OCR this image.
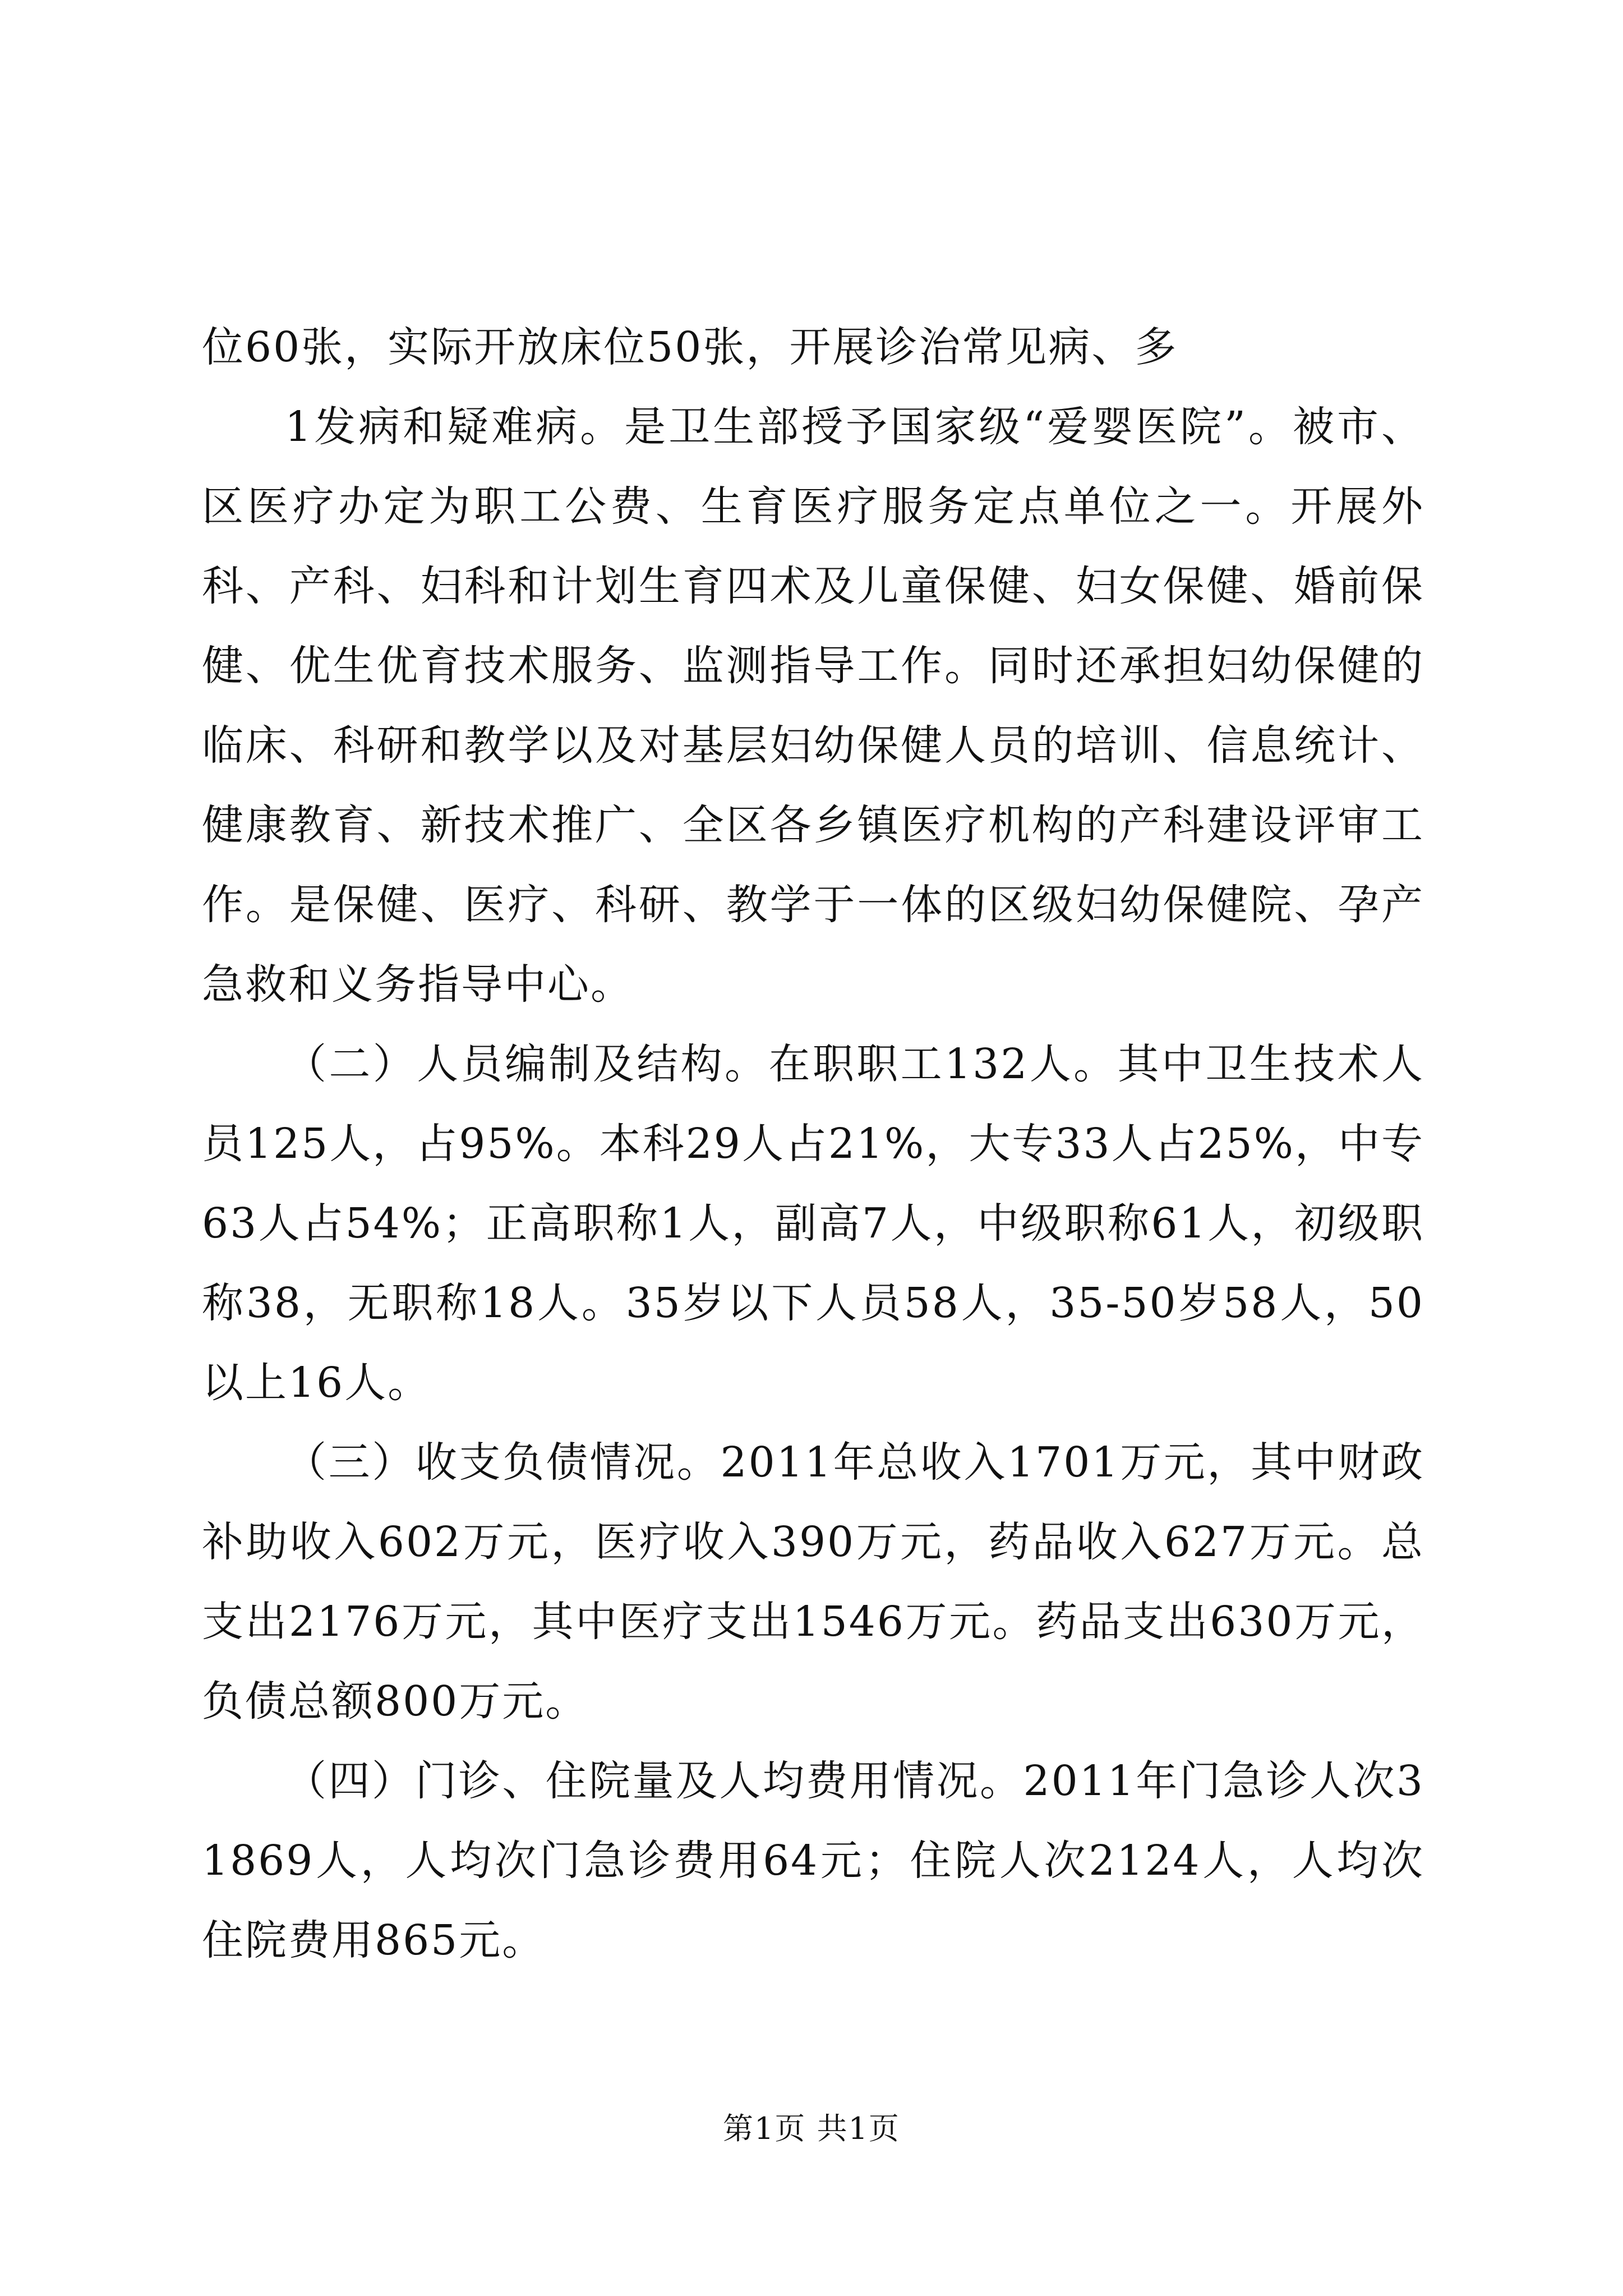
位60张，实际开放床位50张，开展诊治常见病、多

1发病和疑难病。是卫生部授予国家级“爱婴医院”。被市、区医疗办定为职工公费、生育医疗服务定点单位之一。开展外科、产科、妇科和计划生育四术及儿童保健、妇女保健、婚前保健、优生优育技术服务、监测指导工作。同时还承担妇幼保健的临床、科研和教学以及对基层妇幼保健人员的培训、信息统计、健康教育、新技术推广、全区各乡镇医疗机构的产科建设评审工作。是保健、医疗、科研、教学于一体的区级妇幼保健院、孕产急救和义务指导中心。

（二）人员编制及结构。在职职工132人。其中卫生技术人员125人，占95%。本科29人占21%，大专33人占25%，中专63人占54%；正高职称1人，副高7人，中级职称61人，初级职称38，无职称18人。35岁以下人员58人，35-50岁58人，50以上16人。

（三）收支负债情况。2011年总收入1701万元，其中财政补助收入602万元，医疗收入390万元，药品收入627万元。总支出2176万元，其中医疗支出1546万元。药品支出630万元，负债总额800万元。

（四）门诊、住院量及人均费用情况。2011年门急诊人次31869人，人均次门急诊费用64元；住院人次2124人，人均次住院费用865元。

第1页 共1页
